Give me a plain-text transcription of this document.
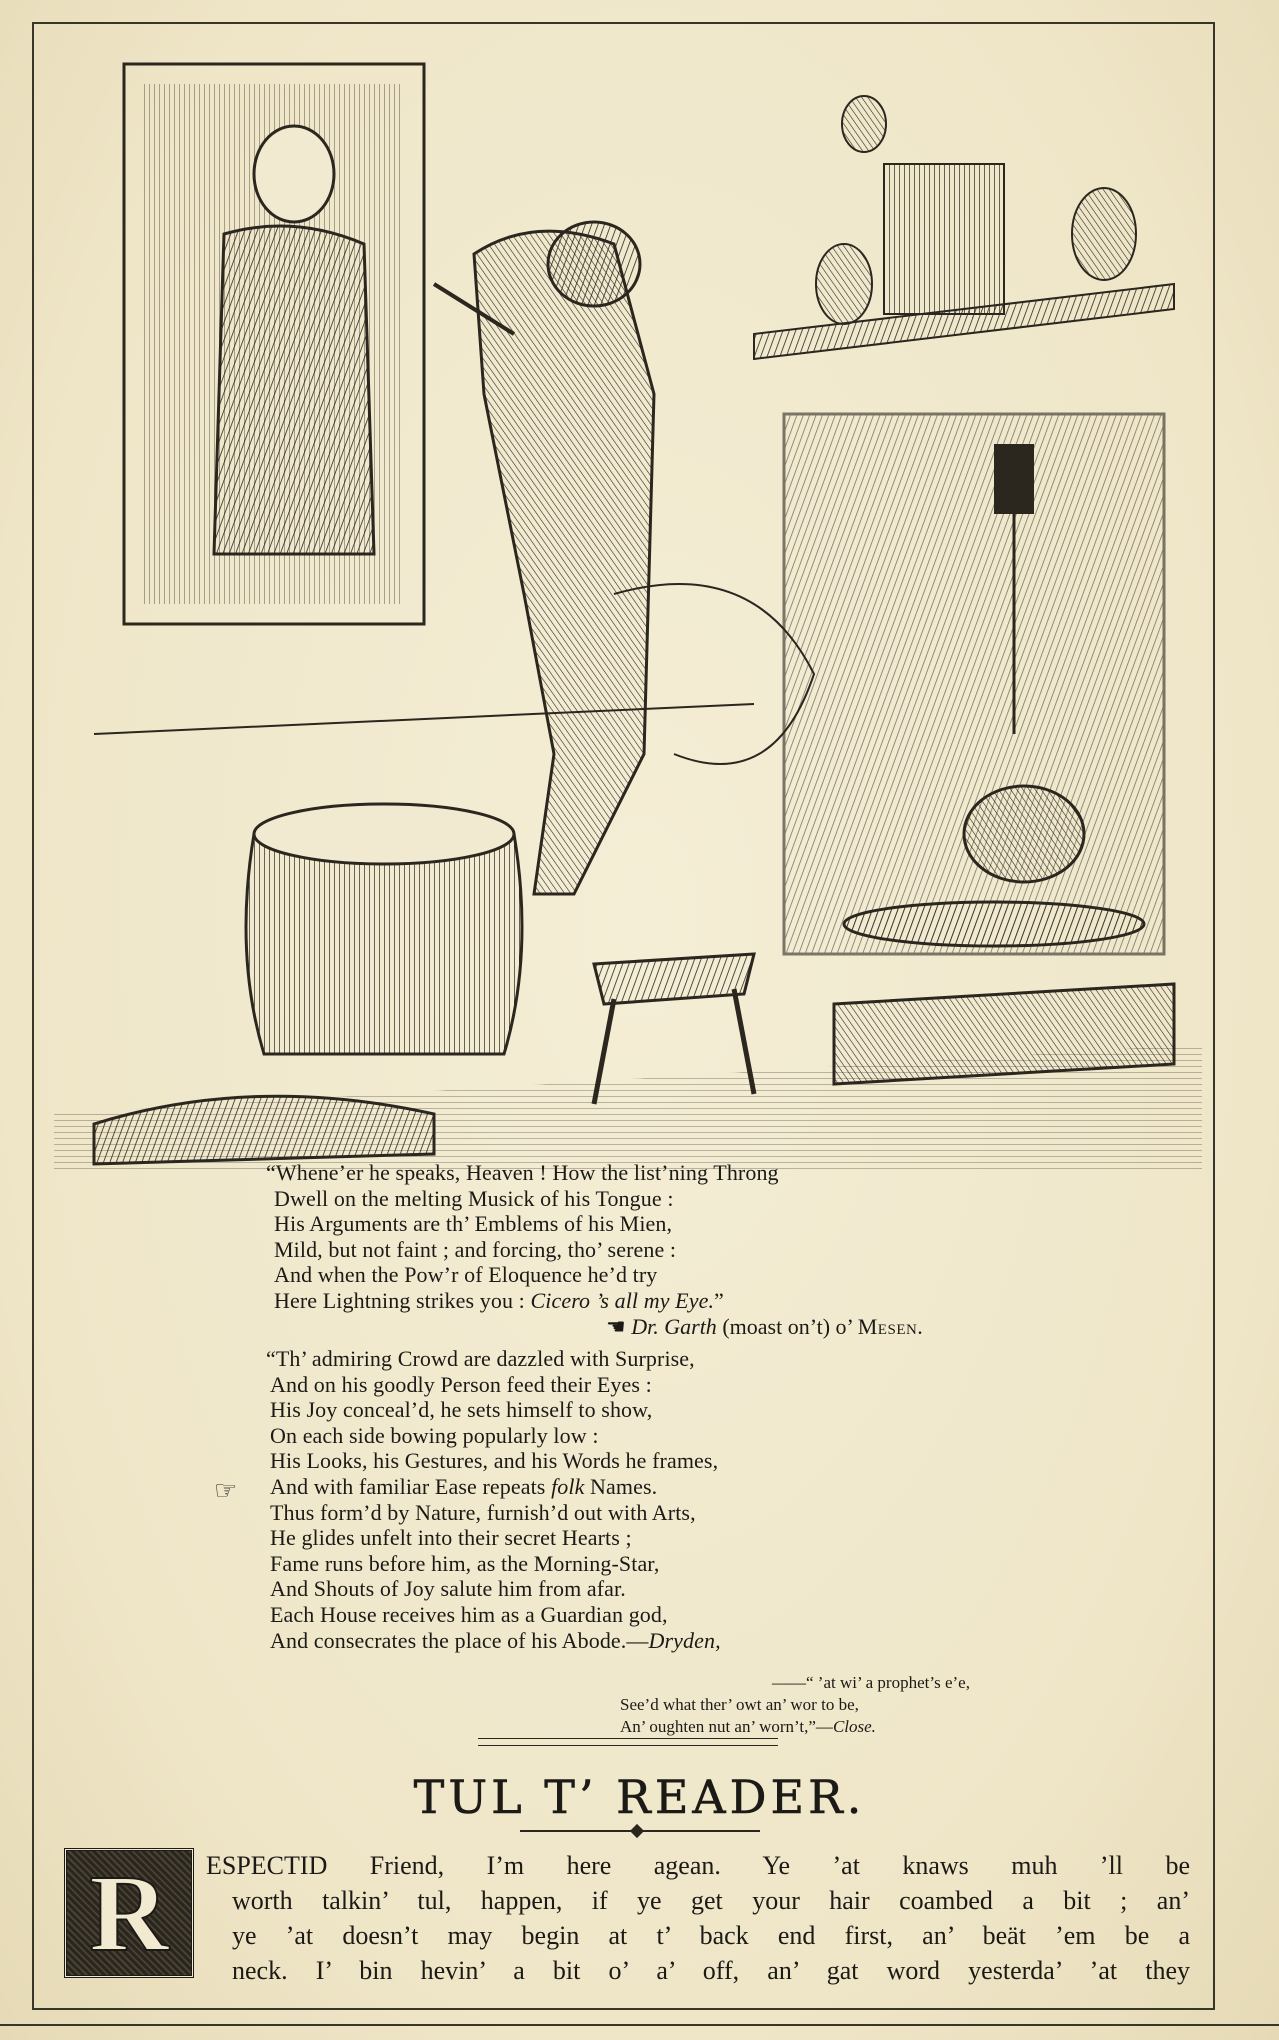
“Whene’er he speaks, Heaven ! How the list’ning Throng
Dwell on the melting Musick of his Tongue :
His Arguments are th’ Emblems of his Mien,
Mild, but not faint ; and forcing, tho’ serene :
And when the Pow’r of Eloquence he’d try
Here Lightning strikes you : Cicero ’s all my Eye.”
☚ Dr. Garth (moast on’t) o’ Mesen.
“Th’ admiring Crowd are dazzled with Surprise,
And on his goodly Person feed their Eyes :
His Joy conceal’d, he sets himself to show,
On each side bowing popularly low :
His Looks, his Gestures, and his Words he frames,
And with familiar Ease repeats folk Names.
Thus form’d by Nature, furnish’d out with Arts,
He glides unfelt into their secret Hearts ;
Fame runs before him, as the Morning-Star,
And Shouts of Joy salute him from afar.
Each House receives him as a Guardian god,
And consecrates the place of his Abode.—Dryden,
☞
——“ ’at wi’ a prophet’s e’e,
See’d what ther’ owt an’ wor to be,
An’ oughten nut an’ worn’t,”—Close.
TUL T’ READER.
ESPECTID Friend, I’m here agean. Ye ’at knaws muh ’ll be
worth talkin’ tul, happen, if ye get your hair coambed a bit ; an’
ye ’at doesn’t may begin at t’ back end first, an’ beät ’em be a
neck. I’ bin hevin’ a bit o’ a’ off, an’ gat word yesterda’ ’at they
R
